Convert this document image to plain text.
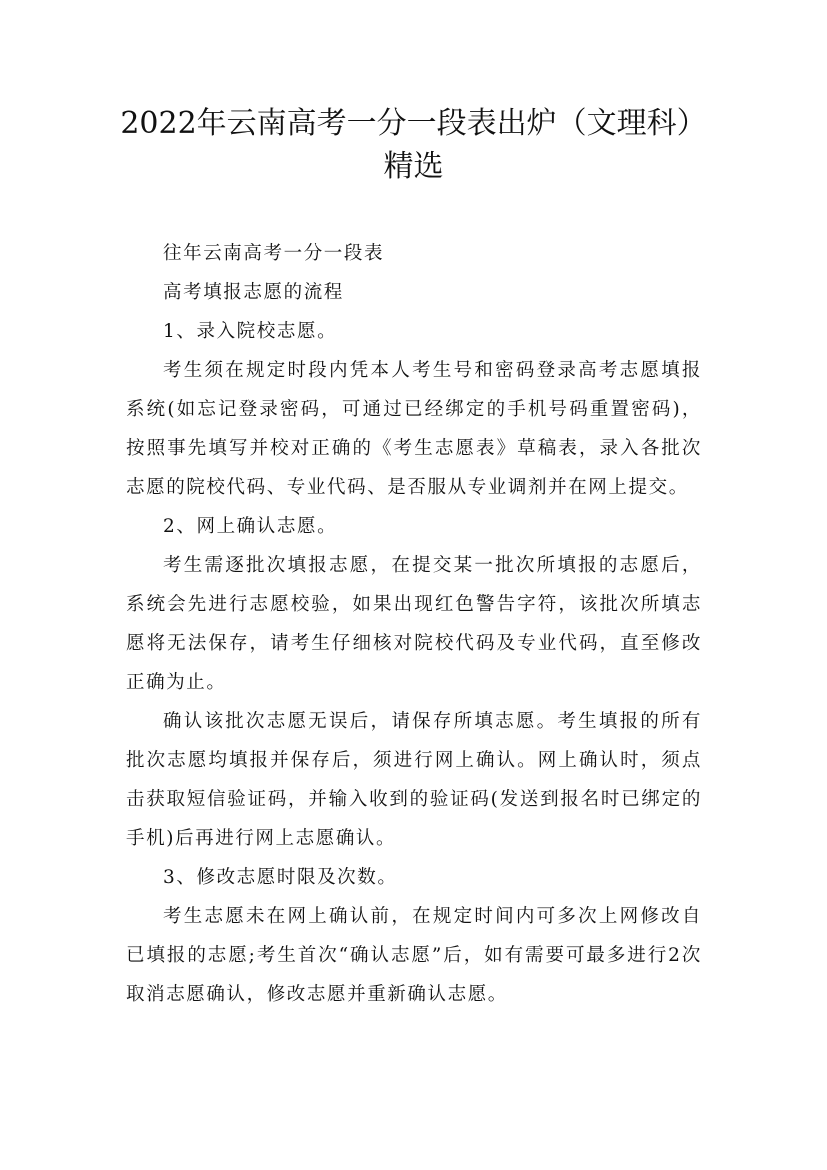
2022年云南高考一分一段表出炉（文理科）
精选

往年云南高考一分一段表

高考填报志愿的流程

1、录入院校志愿。

考生须在规定时段内凭本人考生号和密码登录高考志愿填报系统(如忘记登录密码，可通过已经绑定的手机号码重置密码)，按照事先填写并校对正确的《考生志愿表》草稿表，录入各批次志愿的院校代码、专业代码、是否服从专业调剂并在网上提交。

2、网上确认志愿。

考生需逐批次填报志愿，在提交某一批次所填报的志愿后，系统会先进行志愿校验，如果出现红色警告字符，该批次所填志愿将无法保存，请考生仔细核对院校代码及专业代码，直至修改正确为止。

确认该批次志愿无误后，请保存所填志愿。考生填报的所有批次志愿均填报并保存后，须进行网上确认。网上确认时，须点击获取短信验证码，并输入收到的验证码(发送到报名时已绑定的手机)后再进行网上志愿确认。

3、修改志愿时限及次数。

考生志愿未在网上确认前，在规定时间内可多次上网修改自已填报的志愿;考生首次“确认志愿”后，如有需要可最多进行2次取消志愿确认，修改志愿并重新确认志愿。
